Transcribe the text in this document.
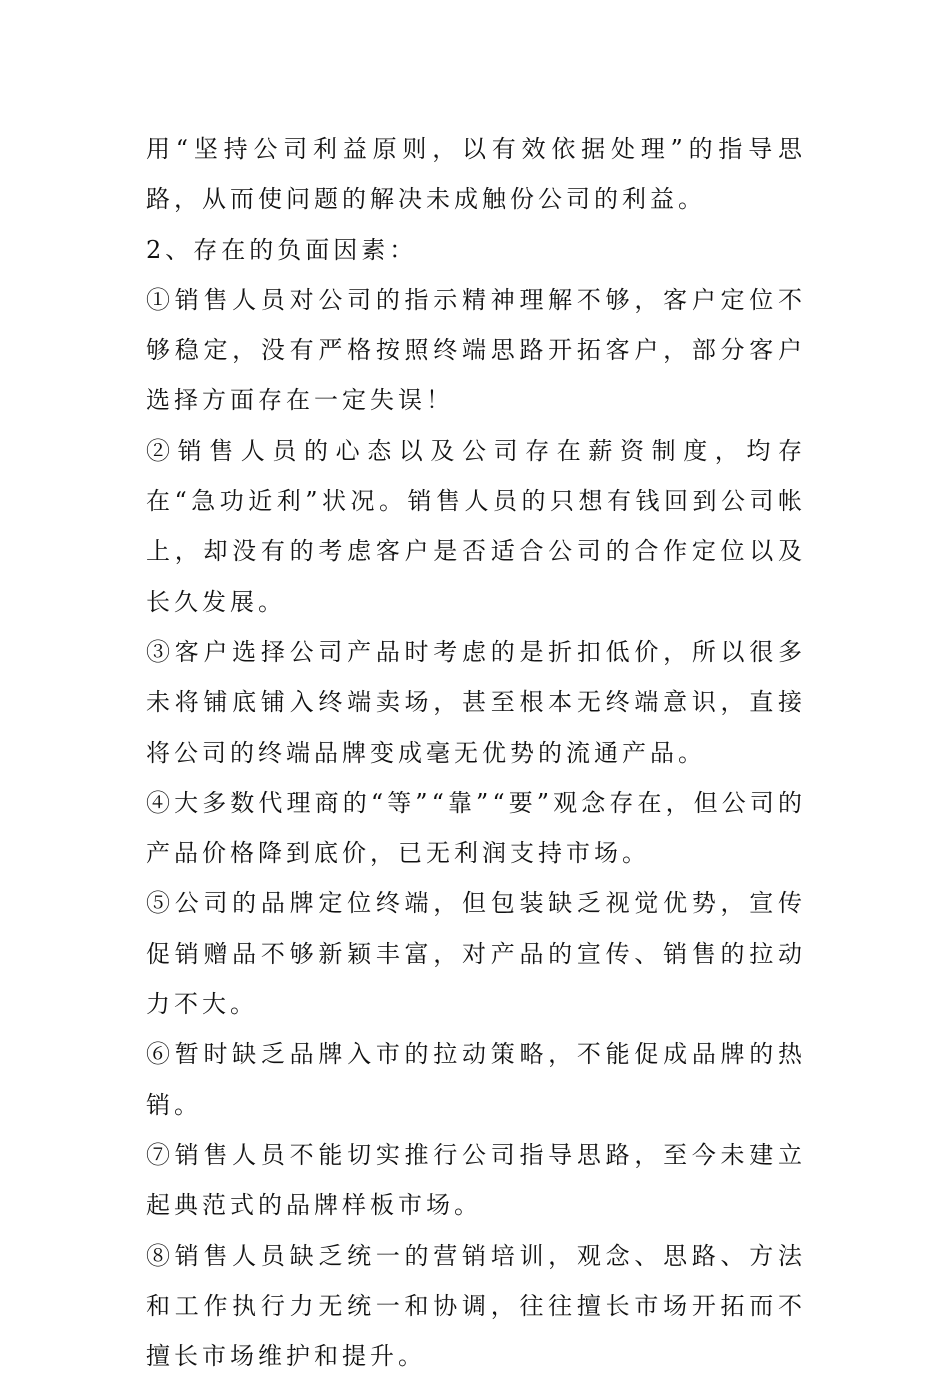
用“坚持公司利益原则，以有效依据处理”的指导思路，从而使问题的解决未成触份公司的利益。

2、存在的负面因素：

①销售人员对公司的指示精神理解不够，客户定位不够稳定，没有严格按照终端思路开拓客户，部分客户选择方面存在一定失误！

②销售人员的心态以及公司存在薪资制度，均存在“急功近利”状况。销售人员的只想有钱回到公司帐上，却没有的考虑客户是否适合公司的合作定位以及长久发展。

③客户选择公司产品时考虑的是折扣低价，所以很多未将铺底铺入终端卖场，甚至根本无终端意识，直接将公司的终端品牌变成毫无优势的流通产品。

④大多数代理商的“等”“靠”“要”观念存在，但公司的产品价格降到底价，已无利润支持市场。

⑤公司的品牌定位终端，但包装缺乏视觉优势，宣传促销赠品不够新颖丰富，对产品的宣传、销售的拉动力不大。

⑥暂时缺乏品牌入市的拉动策略，不能促成品牌的热销。

⑦销售人员不能切实推行公司指导思路，至今未建立起典范式的品牌样板市场。

⑧销售人员缺乏统一的营销培训，观念、思路、方法和工作执行力无统一和协调，往往擅长市场开拓而不擅长市场维护和提升。
